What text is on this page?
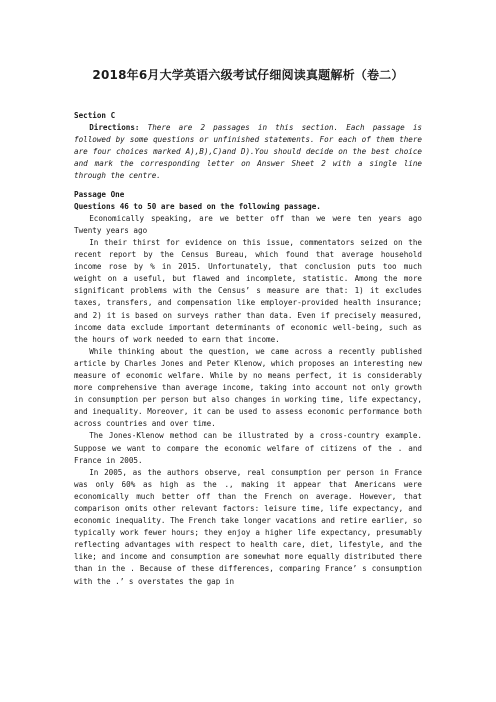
2018年6月大学英语六级考试仔细阅读真题解析（卷二）

Section C

Directions: There are 2 passages in this section. Each passage is followed by some questions or unfinished statements. For each of them there are four choices marked A),B),C)and D).You should decide on the best choice and mark the corresponding letter on Answer Sheet 2 with a single line through the centre.

Passage One

Questions 46 to 50 are based on the following passage.

Economically speaking, are we better off than we were ten years ago Twenty years ago

In their thirst for evidence on this issue, commentators seized on the recent report by the Census Bureau, which found that average household income rose by % in 2015. Unfortunately, that conclusion puts too much weight on a useful, but flawed and incomplete, statistic. Among the more significant problems with the Census’ s measure are that: 1) it excludes taxes, transfers, and compensation like employer-provided health insurance; and 2) it is based on surveys rather than data. Even if precisely measured, income data exclude important determinants of economic well-being, such as the hours of work needed to earn that income.

While thinking about the question, we came across a recently published article by Charles Jones and Peter Klenow, which proposes an interesting new measure of economic welfare. While by no means perfect, it is considerably more comprehensive than average income, taking into account not only growth in consumption per person but also changes in working time, life expectancy, and inequality. Moreover, it can be used to assess economic performance both across countries and over time.

The Jones-Klenow method can be illustrated by a cross-country example. Suppose we want to compare the economic welfare of citizens of the . and France in 2005.

In 2005, as the authors observe, real consumption per person in France was only 60% as high as the ., making it appear that Americans were economically much better off than the French on average. However, that comparison omits other relevant factors: leisure time, life expectancy, and economic inequality. The French take longer vacations and retire earlier, so typically work fewer hours; they enjoy a higher life expectancy, presumably reflecting advantages with respect to health care, diet, lifestyle, and the like; and income and consumption are somewhat more equally distributed there than in the . Because of these differences, comparing France’ s consumption with the .’ s overstates the gap in
